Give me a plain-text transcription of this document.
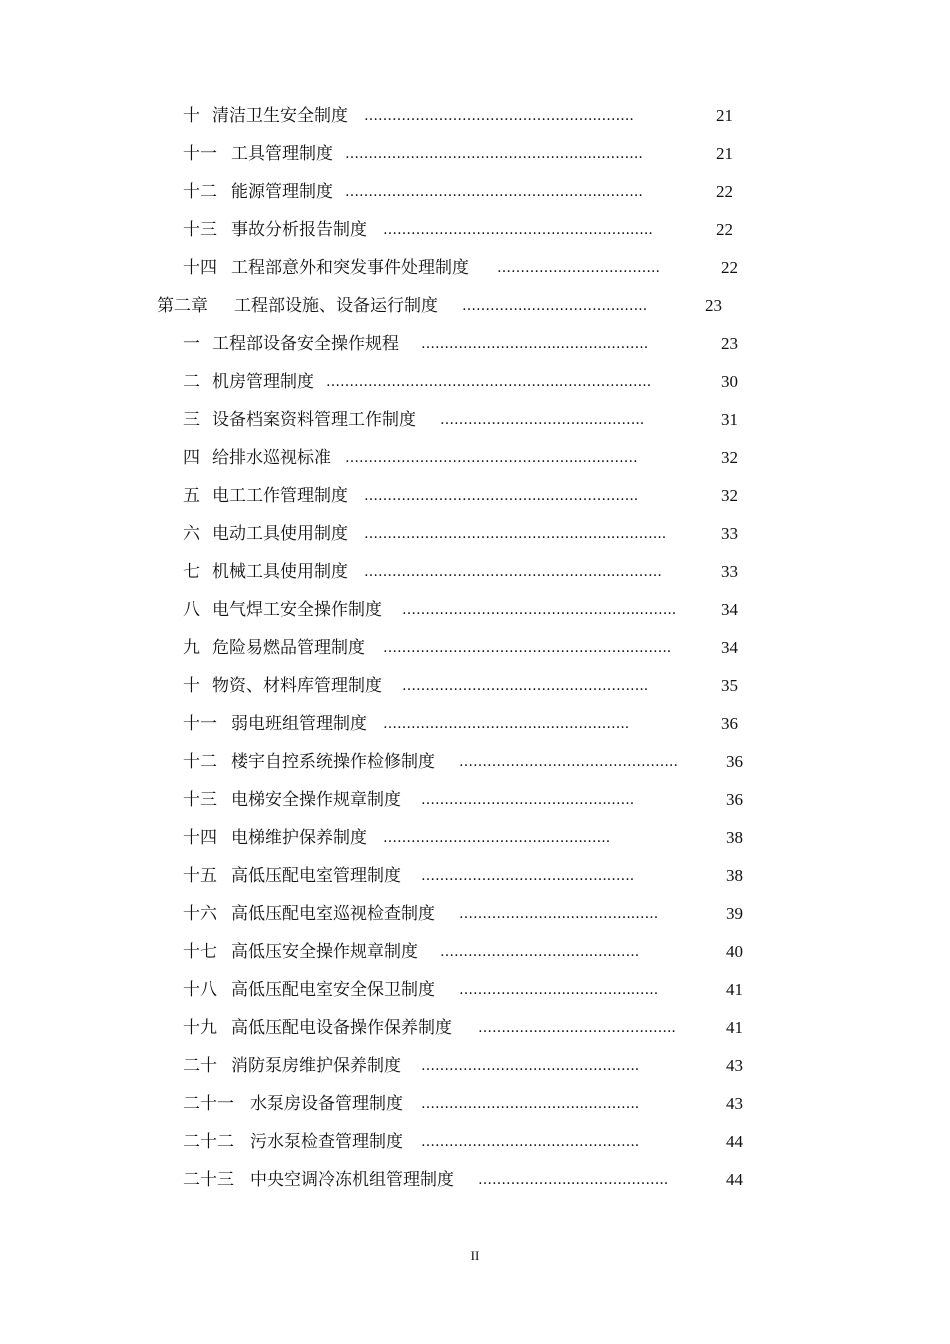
十 清洁卫生安全制度 …………………………………………..……..	21
十一 工具管理制度 ……………………………………………..………..	21
十二 能源管理制度 ………………………………………………..……..	22
十三 事故分析报告制度 ……………………………………………..…..	22
十四 工程部意外和突发事件处理制度 ……………………………..	22
第二章 工程部设施、设备运行制度 …………...………………..…..	23
一 工程部设备安全操作规程 ………………………...………..……..	23
二 机房管理制度 …………………………………………...…………..…..	30
三 设备档案资料管理工作制度 …………………………...………..	31
四 给排水巡视标准 …………………………………………...…...……	32
五 电工工作管理制度 ………………………………...………………..	32
六 电动工具使用制度 ……………………………………………...………..	33
七 机械工具使用制度 ……………………………………………...……….	33
八 电气焊工安全操作制度 …………………………………………...……..	34
九 危险易燃品管理制度 ……………………………………………...……..	34
十 物资、材料库管理制度 ……………………...……………………..	35
十一 弱电班组管理制度 ……………………………...……………..	36
十二 楼宇自控系统操作检修制度 ………………………………………..	36
十三 电梯安全操作规章制度 …………………………...……..…..	36
十四 电梯维护保养制度 ……………………………...……..…..	38
十五 高低压配电室管理制度 …………………………...……..…..	38
十六 高低压配电室巡视检查制度 …………………...…………..…..	39
十七 高低压安全操作规章制度 …………………………...…..…..	40
十八 高低压配电室安全保卫制度 …………………...…………..…..	41
十九 高低压配电设备操作保养制度 ……...…...…...……………..…..	41
二十 消防泵房维护保养制度 ……………………...………………..	43
二十一 水泵房设备管理制度 ……………………………...………..	43
二十二 污水泵检查管理制度 ……………………...………………..	44
二十三 中央空调冷冻机组管理制度 ………………...………………..	44
II
